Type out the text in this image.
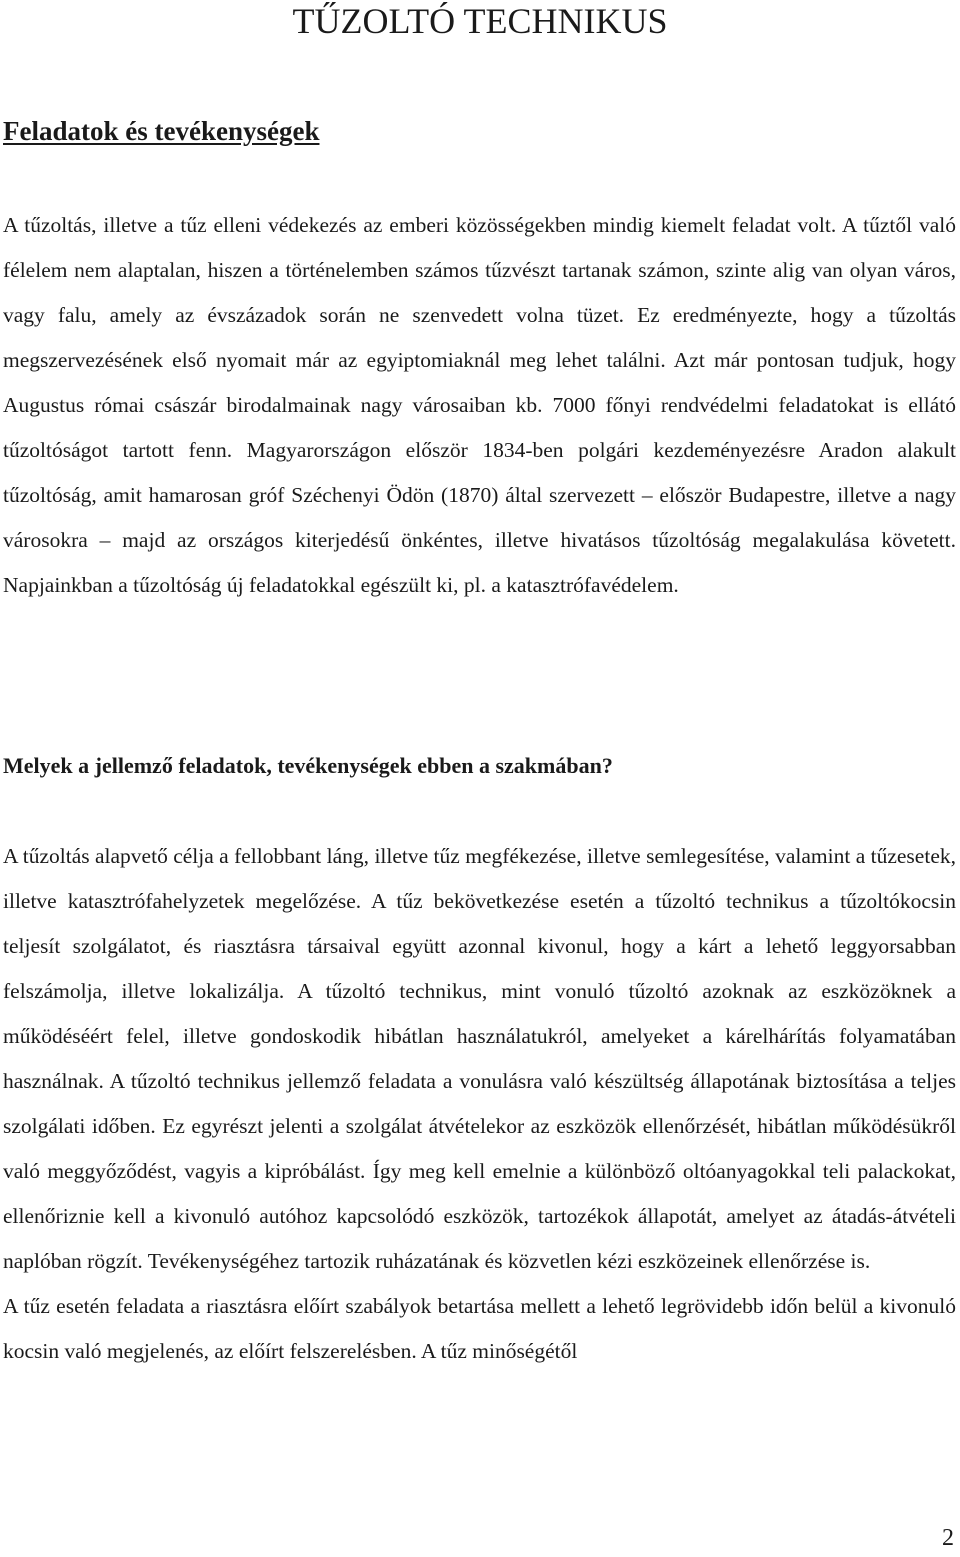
TŰZOLTÓ TECHNIKUS
Feladatok és tevékenységek

A tűzoltás, illetve a tűz elleni védekezés az emberi közösségekben mindig kiemelt feladat volt. A tűztől való félelem nem alaptalan, hiszen a történelemben számos tűzvészt tartanak számon, szinte alig van olyan város, vagy falu, amely az évszázadok során ne szenvedett volna tüzet. Ez eredményezte, hogy a tűzoltás megszervezésének első nyomait már az egyiptomiaknál meg lehet találni. Azt már pontosan tudjuk, hogy Augustus római császár birodalmainak nagy városaiban kb. 7000 főnyi rendvédelmi feladatokat is ellátó tűzoltóságot tartott fenn. Magyarországon először 1834-ben polgári kezdeményezésre Aradon alakult tűzoltóság, amit hamarosan gróf Széchenyi Ödön (1870) által szervezett – először Budapestre, illetve a nagy városokra – majd az országos kiterjedésű önkéntes, illetve hivatásos tűzoltóság megalakulása követett. Napjainkban a tűzoltóság új feladatokkal egészült ki, pl. a katasztrófavédelem.

Melyek a jellemző feladatok, tevékenységek ebben a szakmában?
A tűzoltás alapvető célja a fellobbant láng, illetve tűz megfékezése, illetve semlegesítése, valamint a tűzesetek, illetve katasztrófahelyzetek megelőzése. A tűz bekövetkezése esetén a tűzoltó technikus a tűzoltókocsin teljesít szolgálatot, és riasztásra társaival együtt azonnal kivonul, hogy a kárt a lehető leggyorsabban felszámolja, illetve lokalizálja. A tűzoltó technikus, mint vonuló tűzoltó azoknak az eszközöknek a működéséért felel, illetve gondoskodik hibátlan használatukról, amelyeket a kárelhárítás folyamatában használnak. A tűzoltó technikus jellemző feladata a vonulásra való készültség állapotának biztosítása a teljes szolgálati időben. Ez egyrészt jelenti a szolgálat átvételekor az eszközök ellenőrzését, hibátlan működésükről való meggyőződést, vagyis a kipróbálást. Így meg kell emelnie a különböző oltóanyagokkal teli palackokat, ellenőriznie kell a kivonuló autóhoz kapcsolódó eszközök, tartozékok állapotát, amelyet az átadás-átvételi naplóban rögzít. Tevékenységéhez tartozik ruházatának és közvetlen kézi eszközeinek ellenőrzése is.
A tűz esetén feladata a riasztásra előírt szabályok betartása mellett a lehető legrövidebb időn belül a kivonuló kocsin való megjelenés, az előírt felszerelésben. A tűz minőségétől

2
